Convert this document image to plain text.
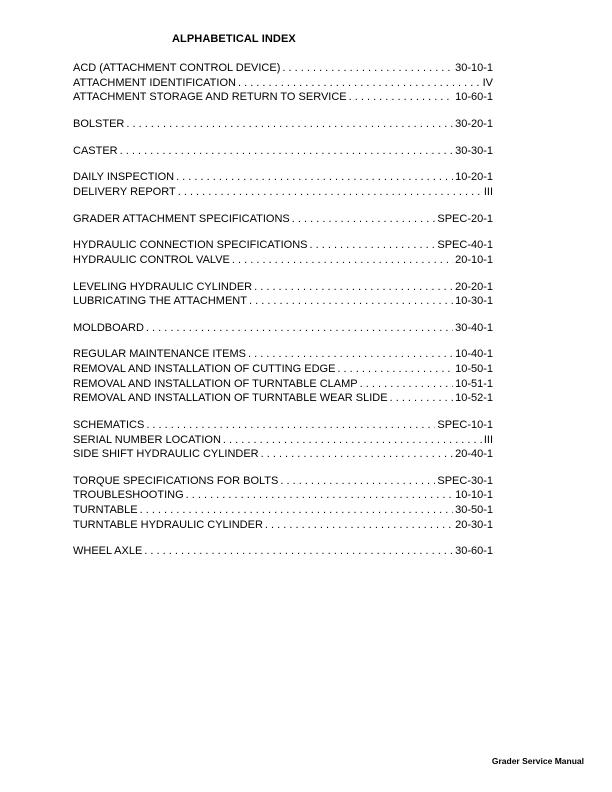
ALPHABETICAL INDEX
ACD (ATTACHMENT CONTROL DEVICE) . . .	30-10-1
ATTACHMENT IDENTIFICATION . . .	IV
ATTACHMENT STORAGE AND RETURN TO SERVICE . . .	10-60-1
BOLSTER . . .	30-20-1
CASTER . . .	30-30-1
DAILY INSPECTION . . .	10-20-1
DELIVERY REPORT . . .	III
GRADER ATTACHMENT SPECIFICATIONS . . .	SPEC-20-1
HYDRAULIC CONNECTION SPECIFICATIONS . . .	SPEC-40-1
HYDRAULIC CONTROL VALVE . . .	20-10-1
LEVELING HYDRAULIC CYLINDER . . .	20-20-1
LUBRICATING THE ATTACHMENT . . .	10-30-1
MOLDBOARD . . .	30-40-1
REGULAR MAINTENANCE ITEMS . . .	10-40-1
REMOVAL AND INSTALLATION OF CUTTING EDGE . . .	10-50-1
REMOVAL AND INSTALLATION OF TURNTABLE CLAMP . . .	10-51-1
REMOVAL AND INSTALLATION OF TURNTABLE WEAR SLIDE . . .	10-52-1
SCHEMATICS . . .	SPEC-10-1
SERIAL NUMBER LOCATION . . .	III
SIDE SHIFT HYDRAULIC CYLINDER . . .	20-40-1
TORQUE SPECIFICATIONS FOR BOLTS . . .	SPEC-30-1
TROUBLESHOOTING . . .	10-10-1
TURNTABLE . . .	30-50-1
TURNTABLE HYDRAULIC CYLINDER . . .	20-30-1
WHEEL AXLE . . .	30-60-1
Grader Service Manual
